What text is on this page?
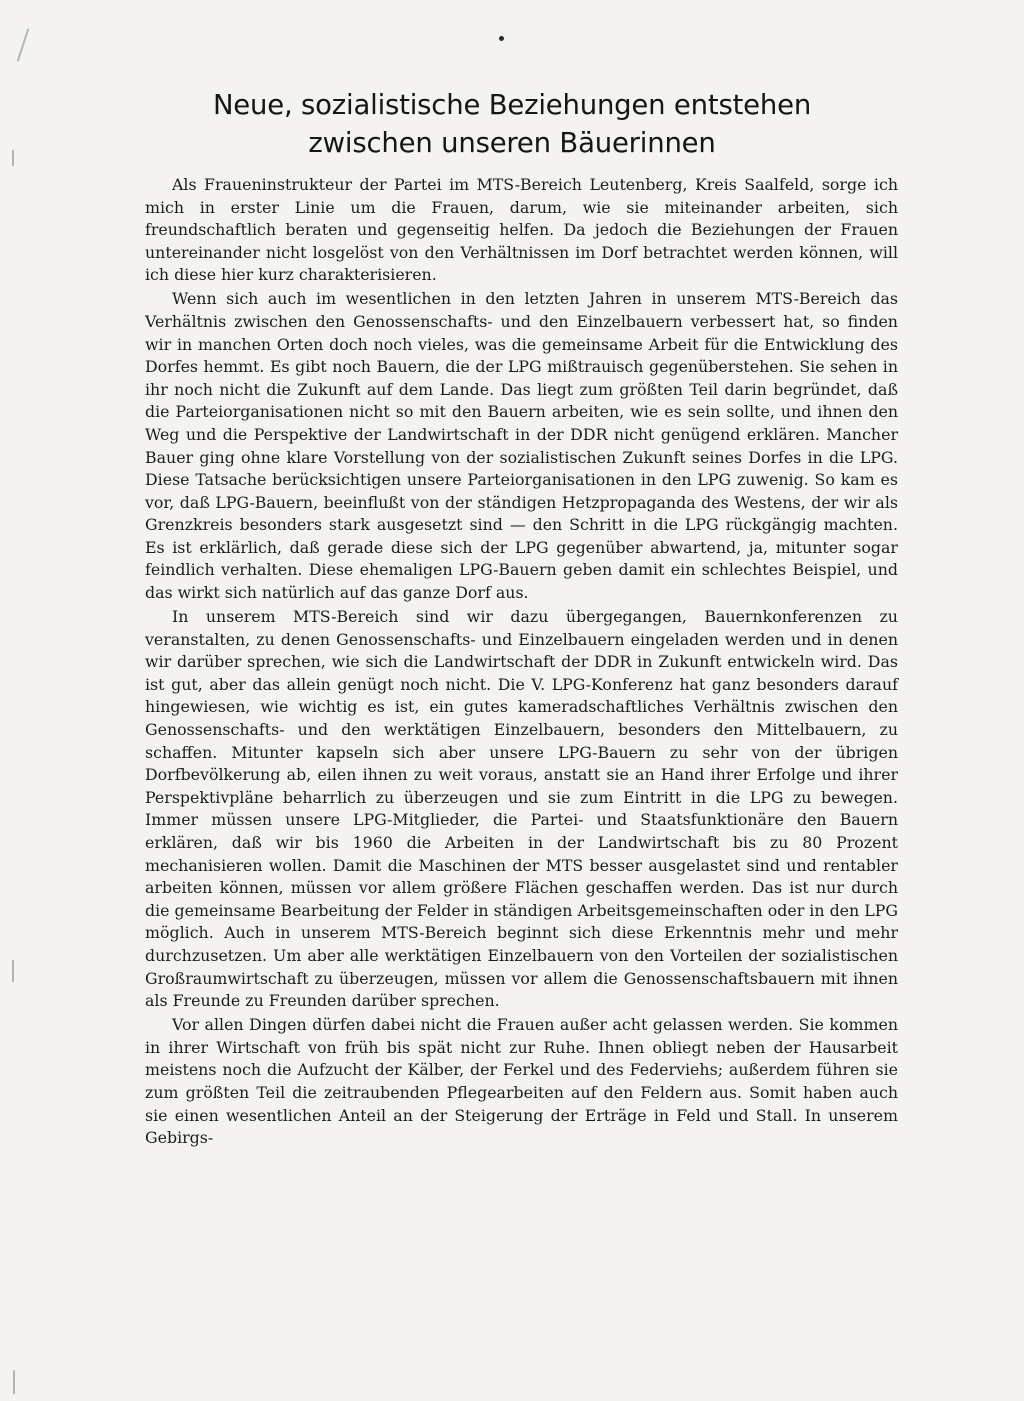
Neue, sozialistische Beziehungen entstehen
zwischen unseren Bäuerinnen

Als Fraueninstrukteur der Partei im MTS-Bereich Leutenberg, Kreis Saalfeld, sorge ich mich in erster Linie um die Frauen, darum, wie sie miteinander arbeiten, sich freundschaftlich beraten und gegenseitig helfen. Da jedoch die Beziehungen der Frauen untereinander nicht losgelöst von den Verhältnissen im Dorf betrachtet werden können, will ich diese hier kurz charakterisieren.

Wenn sich auch im wesentlichen in den letzten Jahren in unserem MTS-Bereich das Verhältnis zwischen den Genossenschafts- und den Einzelbauern verbessert hat, so finden wir in manchen Orten doch noch vieles, was die gemeinsame Arbeit für die Entwicklung des Dorfes hemmt. Es gibt noch Bauern, die der LPG mißtrauisch gegenüberstehen. Sie sehen in ihr noch nicht die Zukunft auf dem Lande. Das liegt zum größten Teil darin begründet, daß die Parteiorganisationen nicht so mit den Bauern arbeiten, wie es sein sollte, und ihnen den Weg und die Perspektive der Landwirtschaft in der DDR nicht genügend erklären. Mancher Bauer ging ohne klare Vorstellung von der sozialistischen Zukunft seines Dorfes in die LPG. Diese Tatsache berücksichtigen unsere Parteiorganisationen in den LPG zuwenig. So kam es vor, daß LPG-Bauern, beeinflußt von der ständigen Hetzpropaganda des Westens, der wir als Grenzkreis besonders stark ausgesetzt sind — den Schritt in die LPG rückgängig machten. Es ist erklärlich, daß gerade diese sich der LPG gegenüber abwartend, ja, mitunter sogar feindlich verhalten. Diese ehemaligen LPG-Bauern geben damit ein schlechtes Beispiel, und das wirkt sich natürlich auf das ganze Dorf aus.

In unserem MTS-Bereich sind wir dazu übergegangen, Bauernkonferenzen zu veranstalten, zu denen Genossenschafts- und Einzelbauern eingeladen werden und in denen wir darüber sprechen, wie sich die Landwirtschaft der DDR in Zukunft entwickeln wird. Das ist gut, aber das allein genügt noch nicht. Die V. LPG-Konferenz hat ganz besonders darauf hingewiesen, wie wichtig es ist, ein gutes kameradschaftliches Verhältnis zwischen den Genossenschafts- und den werktätigen Einzelbauern, besonders den Mittelbauern, zu schaffen. Mitunter kapseln sich aber unsere LPG-Bauern zu sehr von der übrigen Dorfbevölkerung ab, eilen ihnen zu weit voraus, anstatt sie an Hand ihrer Erfolge und ihrer Perspektivpläne beharrlich zu überzeugen und sie zum Eintritt in die LPG zu bewegen. Immer müssen unsere LPG-Mitglieder, die Partei- und Staatsfunktionäre den Bauern erklären, daß wir bis 1960 die Arbeiten in der Landwirtschaft bis zu 80 Prozent mechanisieren wollen. Damit die Maschinen der MTS besser ausgelastet sind und rentabler arbeiten können, müssen vor allem größere Flächen geschaffen werden. Das ist nur durch die gemeinsame Bearbeitung der Felder in ständigen Arbeitsgemeinschaften oder in den LPG möglich. Auch in unserem MTS-Bereich beginnt sich diese Erkenntnis mehr und mehr durchzusetzen. Um aber alle werktätigen Einzelbauern von den Vorteilen der sozialistischen Großraumwirtschaft zu überzeugen, müssen vor allem die Genossenschaftsbauern mit ihnen als Freunde zu Freunden darüber sprechen.

Vor allen Dingen dürfen dabei nicht die Frauen außer acht gelassen werden. Sie kommen in ihrer Wirtschaft von früh bis spät nicht zur Ruhe. Ihnen obliegt neben der Hausarbeit meistens noch die Aufzucht der Kälber, der Ferkel und des Federviehs; außerdem führen sie zum größten Teil die zeitraubenden Pflegearbeiten auf den Feldern aus. Somit haben auch sie einen wesentlichen Anteil an der Steigerung der Erträge in Feld und Stall. In unserem Gebirgs-
